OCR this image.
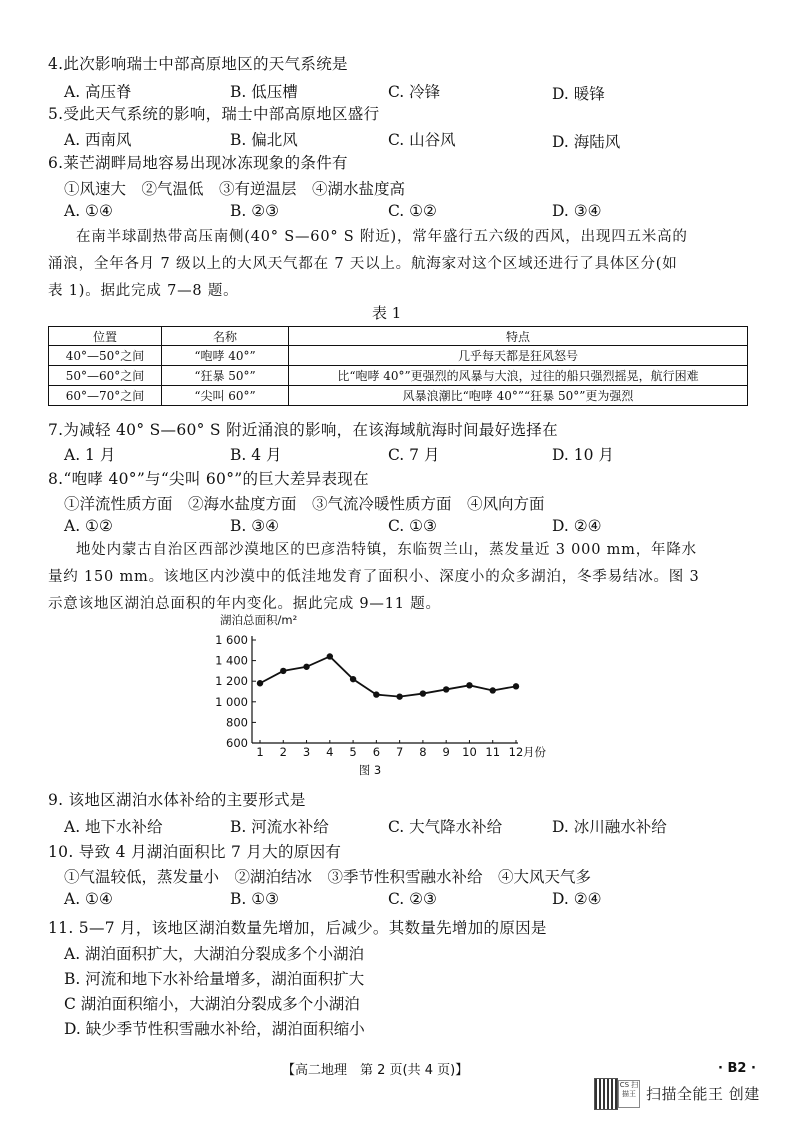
4.此次影响瑞士中部高原地区的天气系统是
A. 高压脊	B. 低压槽	C. 冷锋	D. 暖锋
5.受此天气系统的影响，瑞士中部高原地区盛行
A. 西南风	B. 偏北风	C. 山谷风	D. 海陆风
6.莱芒湖畔局地容易出现冰冻现象的条件有
①风速大　②气温低　③有逆温层　④湖水盐度高
A. ①④	B. ②③	C. ①②	D. ③④
在南半球副热带高压南侧(40° S—60° S 附近)，常年盛行五六级的西风，出现四五米高的
涌浪，全年各月 7 级以上的大风天气都在 7 天以上。航海家对这个区域还进行了具体区分(如
表 1)。据此完成 7—8 题。
表 1
位置	名称	特点
40°—50°之间	“咆哮 40°”	几乎每天都是狂风怒号
50°—60°之间	“狂暴 50°”	比“咆哮 40°”更强烈的风暴与大浪，过往的船只强烈摇晃，航行困难
60°—70°之间	“尖叫 60°”	风暴浪潮比“咆哮 40°”“狂暴 50°”更为强烈
7.为减轻 40° S—60° S 附近涌浪的影响，在该海域航海时间最好选择在
A. 1 月	B. 4 月	C. 7 月	D. 10 月
8.“咆哮 40°”与“尖叫 60°”的巨大差异表现在
①洋流性质方面　②海水盐度方面　③气流冷暖性质方面　④风向方面
A. ①②	B. ③④	C. ①③	D. ②④
地处内蒙古自治区西部沙漠地区的巴彦浩特镇，东临贺兰山，蒸发量近 3 000 mm，年降水
量约 150 mm。该地区内沙漠中的低洼地发育了面积小、深度小的众多湖泊，冬季易结冰。图 3
示意该地区湖泊总面积的年内变化。据此完成 9—11 题。
湖泊总面积/m²
600
800
1 000
1 200
1 400
1 600
1 2 3 4 5 6 7 8 9 10 11 12 月份
图 3
9. 该地区湖泊水体补给的主要形式是
A. 地下水补给	B. 河流水补给	C. 大气降水补给	D. 冰川融水补给
10. 导致 4 月湖泊面积比 7 月大的原因有
①气温较低，蒸发量小　②湖泊结冰　③季节性积雪融水补给　④大风天气多
A. ①④	B. ①③	C. ②③	D. ②④
11. 5—7 月，该地区湖泊数量先增加，后减少。其数量先增加的原因是
A. 湖泊面积扩大，大湖泊分裂成多个小湖泊
B. 河流和地下水补给量增多，湖泊面积扩大
C 湖泊面积缩小，大湖泊分裂成多个小湖泊
D. 缺少季节性积雪融水补给，湖泊面积缩小
【高二地理　第 2 页(共 4 页)】	· B2 ·
CS 扫描王 扫描全能王 创建
